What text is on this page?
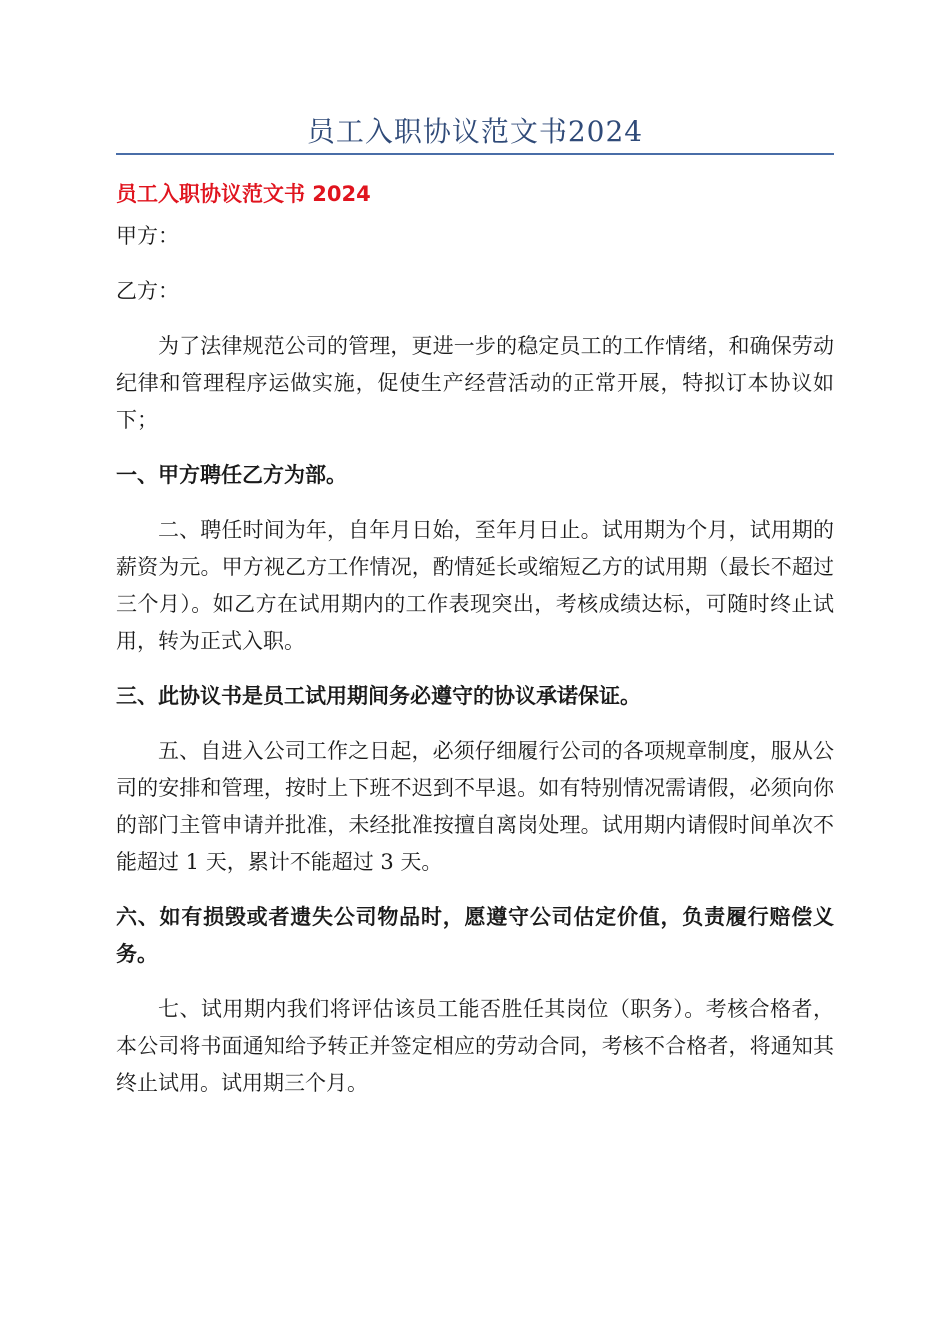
员工入职协议范文书2024

员工入职协议范文书 2024

甲方：

乙方：

为了法律规范公司的管理，更进一步的稳定员工的工作情绪，和确保劳动纪律和管理程序运做实施，促使生产经营活动的正常开展，特拟订本协议如下；

一、甲方聘任乙方为部。

二、聘任时间为年，自年月日始，至年月日止。试用期为个月，试用期的薪资为元。甲方视乙方工作情况，酌情延长或缩短乙方的试用期（最长不超过三个月）。如乙方在试用期内的工作表现突出，考核成绩达标，可随时终止试用，转为正式入职。

三、此协议书是员工试用期间务必遵守的协议承诺保证。

五、自进入公司工作之日起，必须仔细履行公司的各项规章制度，服从公司的安排和管理，按时上下班不迟到不早退。如有特别情况需请假，必须向你的部门主管申请并批准，未经批准按擅自离岗处理。试用期内请假时间单次不能超过 1 天，累计不能超过 3 天。

六、如有损毁或者遗失公司物品时，愿遵守公司估定价值，负责履行赔偿义务。

七、试用期内我们将评估该员工能否胜任其岗位（职务）。考核合格者，本公司将书面通知给予转正并签定相应的劳动合同，考核不合格者，将通知其终止试用。试用期三个月。
